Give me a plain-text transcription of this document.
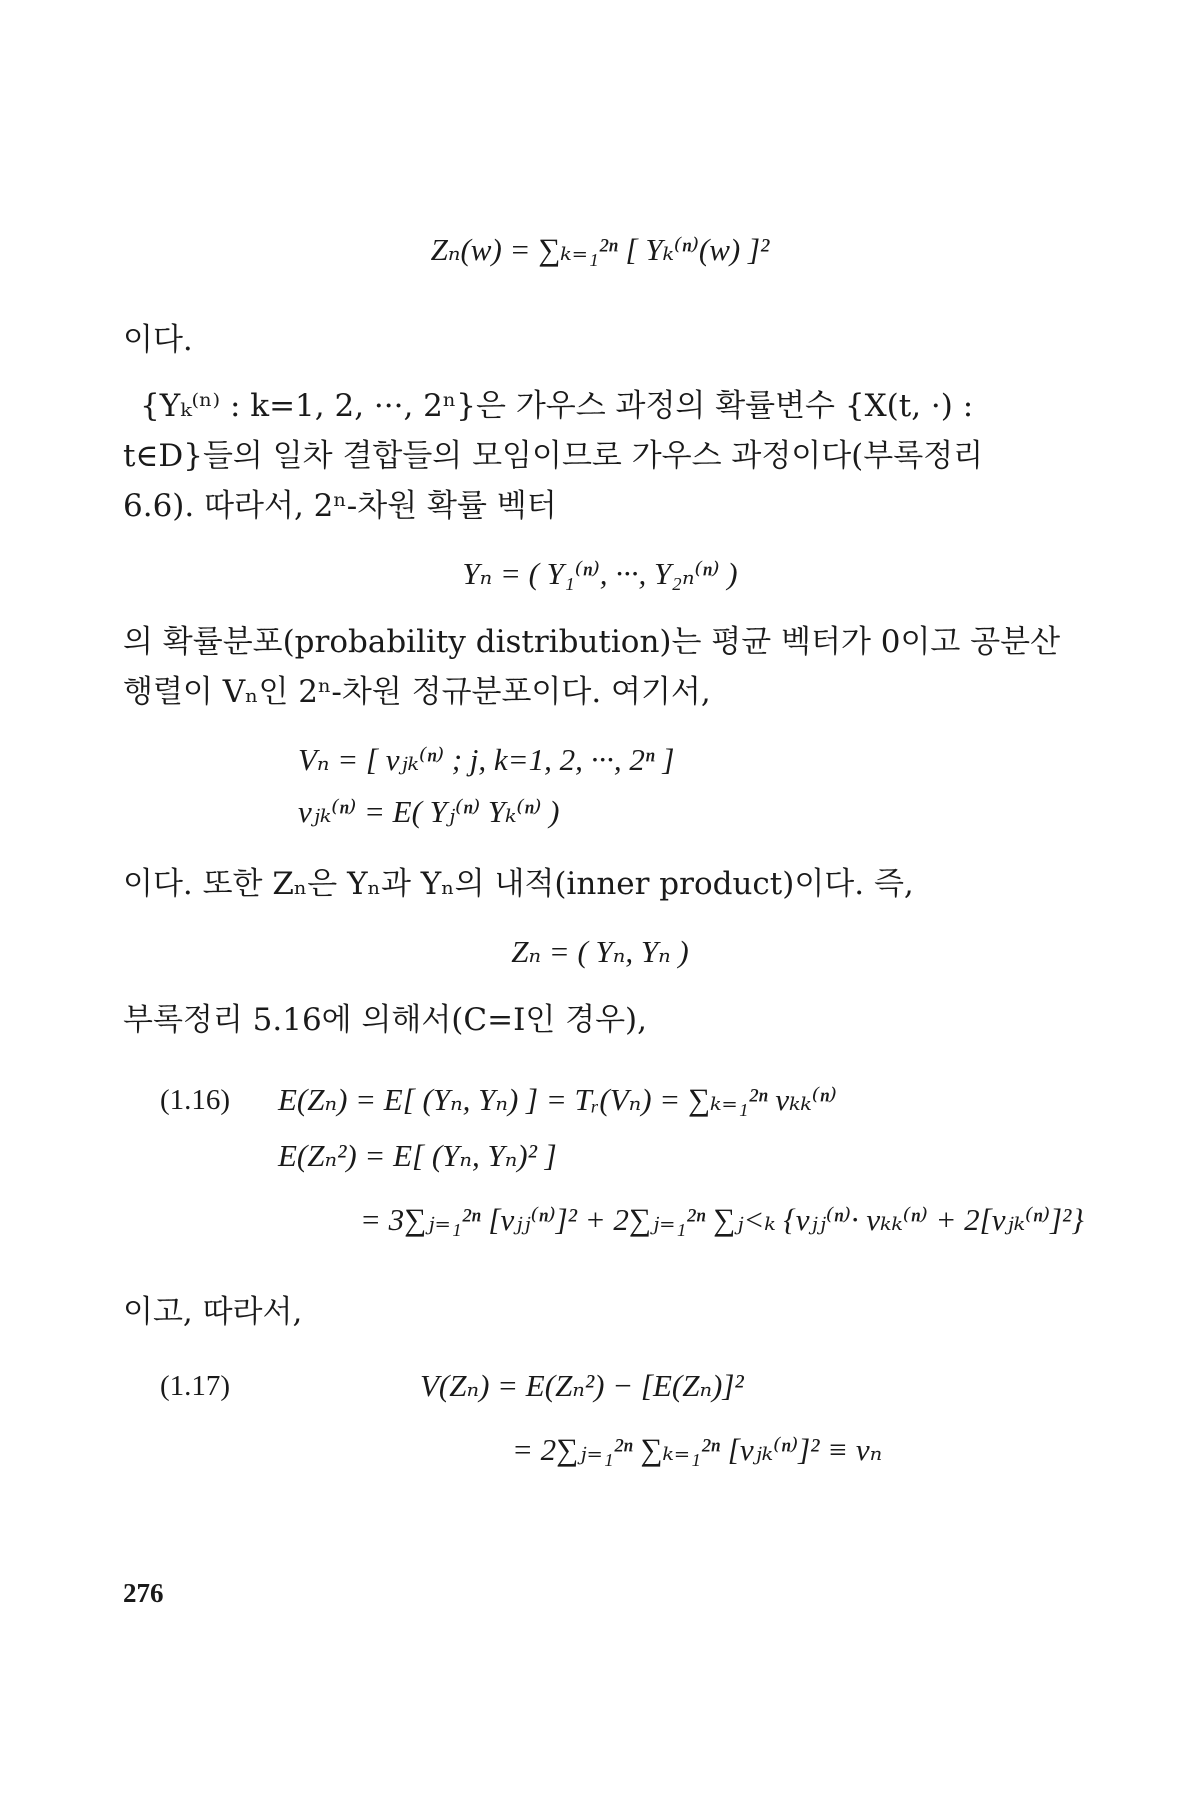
Zₙ(w) = ∑ₖ₌₁²ⁿ [ Yₖ⁽ⁿ⁾(w) ]²
이다.
{Yₖ⁽ⁿ⁾ : k=1, 2, ···, 2ⁿ}은 가우스 과정의 확률변수 {X(t, ·) :
t∈D}들의 일차 결합들의 모임이므로 가우스 과정이다(부록정리
6.6). 따라서, 2ⁿ-차원 확률 벡터
Yₙ = ( Y₁⁽ⁿ⁾, ···, Y₂ₙ⁽ⁿ⁾ )
의 확률분포(probability distribution)는 평균 벡터가 0이고 공분산
행렬이 Vₙ인 2ⁿ-차원 정규분포이다. 여기서,
Vₙ = [ vⱼₖ⁽ⁿ⁾ ; j, k=1, 2, ···, 2ⁿ ]
vⱼₖ⁽ⁿ⁾ = E( Yⱼ⁽ⁿ⁾ Yₖ⁽ⁿ⁾ )
이다. 또한 Zₙ은 Yₙ과 Yₙ의 내적(inner product)이다. 즉,
Zₙ = ( Yₙ, Yₙ )
부록정리 5.16에 의해서(C=I인 경우),
(1.16) E(Zₙ) = E[ (Yₙ, Yₙ) ] = Tᵣ(Vₙ) = ∑ₖ₌₁²ⁿ vₖₖ⁽ⁿ⁾
E(Zₙ²) = E[ (Yₙ, Yₙ)² ]
= 3∑ⱼ₌₁²ⁿ [vⱼⱼ⁽ⁿ⁾]² + 2∑ⱼ₌₁²ⁿ ∑ⱼ<ₖ {vⱼⱼ⁽ⁿ⁾· vₖₖ⁽ⁿ⁾ + 2[vⱼₖ⁽ⁿ⁾]²}
이고, 따라서,
(1.17)	V(Zₙ) = E(Zₙ²) − [E(Zₙ)]²
= 2∑ⱼ₌₁²ⁿ ∑ₖ₌₁²ⁿ [vⱼₖ⁽ⁿ⁾]² ≡ vₙ
276
